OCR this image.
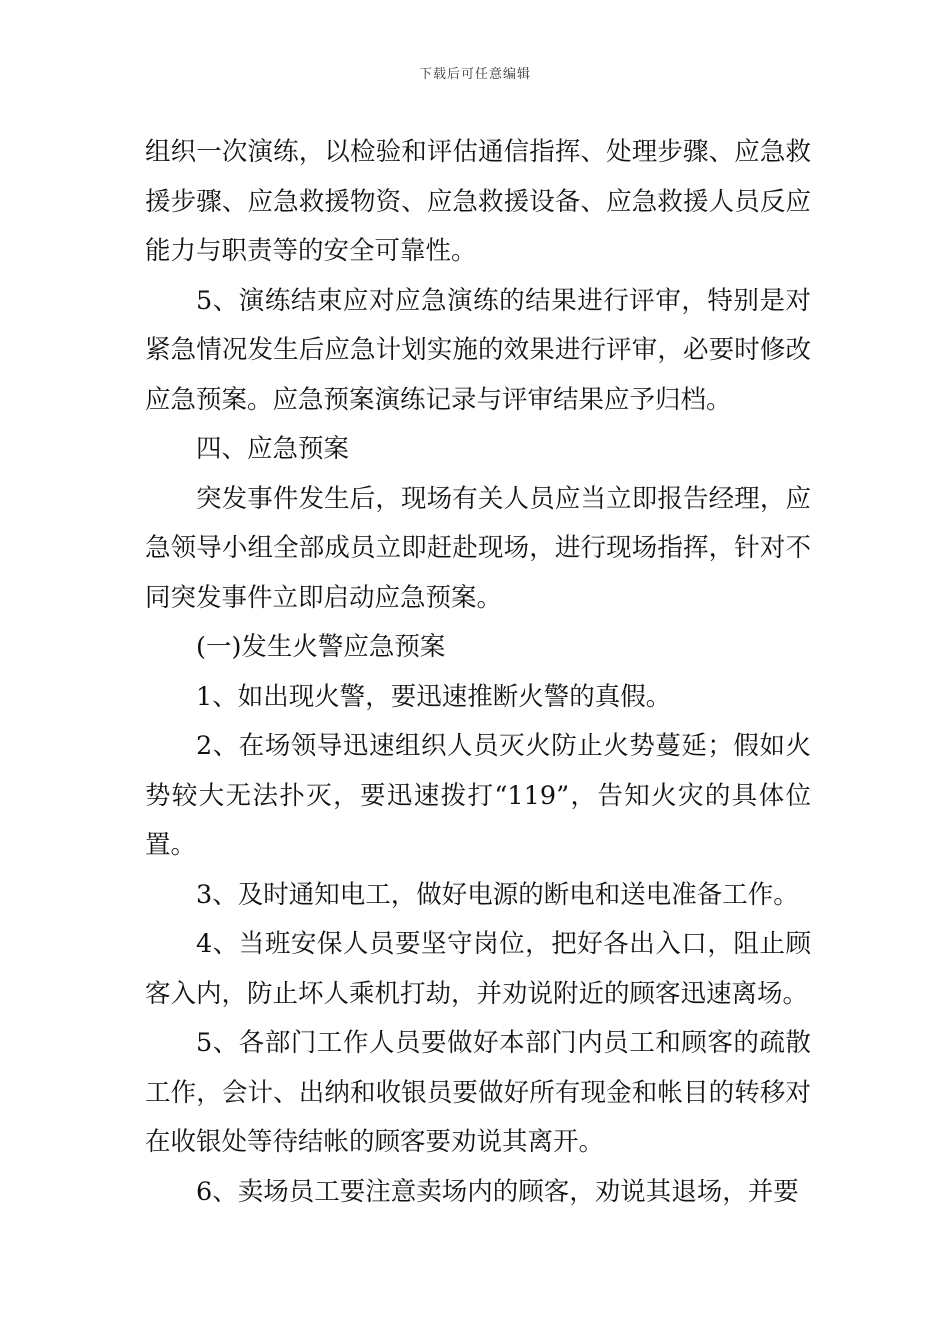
下载后可任意编辑

组织一次演练，以检验和评估通信指挥、处理步骤、应急救援步骤、应急救援物资、应急救援设备、应急救援人员反应能力与职责等的安全可靠性。

5、演练结束应对应急演练的结果进行评审，特别是对紧急情况发生后应急计划实施的效果进行评审，必要时修改应急预案。应急预案演练记录与评审结果应予归档。

四、应急预案

突发事件发生后，现场有关人员应当立即报告经理，应急领导小组全部成员立即赶赴现场，进行现场指挥，针对不同突发事件立即启动应急预案。

(一)发生火警应急预案

1、如出现火警，要迅速推断火警的真假。

2、在场领导迅速组织人员灭火防止火势蔓延；假如火势较大无法扑灭，要迅速拨打“119”，告知火灾的具体位置。

3、及时通知电工，做好电源的断电和送电准备工作。

4、当班安保人员要坚守岗位，把好各出入口，阻止顾客入内，防止坏人乘机打劫，并劝说附近的顾客迅速离场。

5、各部门工作人员要做好本部门内员工和顾客的疏散工作，会计、出纳和收银员要做好所有现金和帐目的转移对在收银处等待结帐的顾客要劝说其离开。

6、卖场员工要注意卖场内的顾客，劝说其退场，并要
